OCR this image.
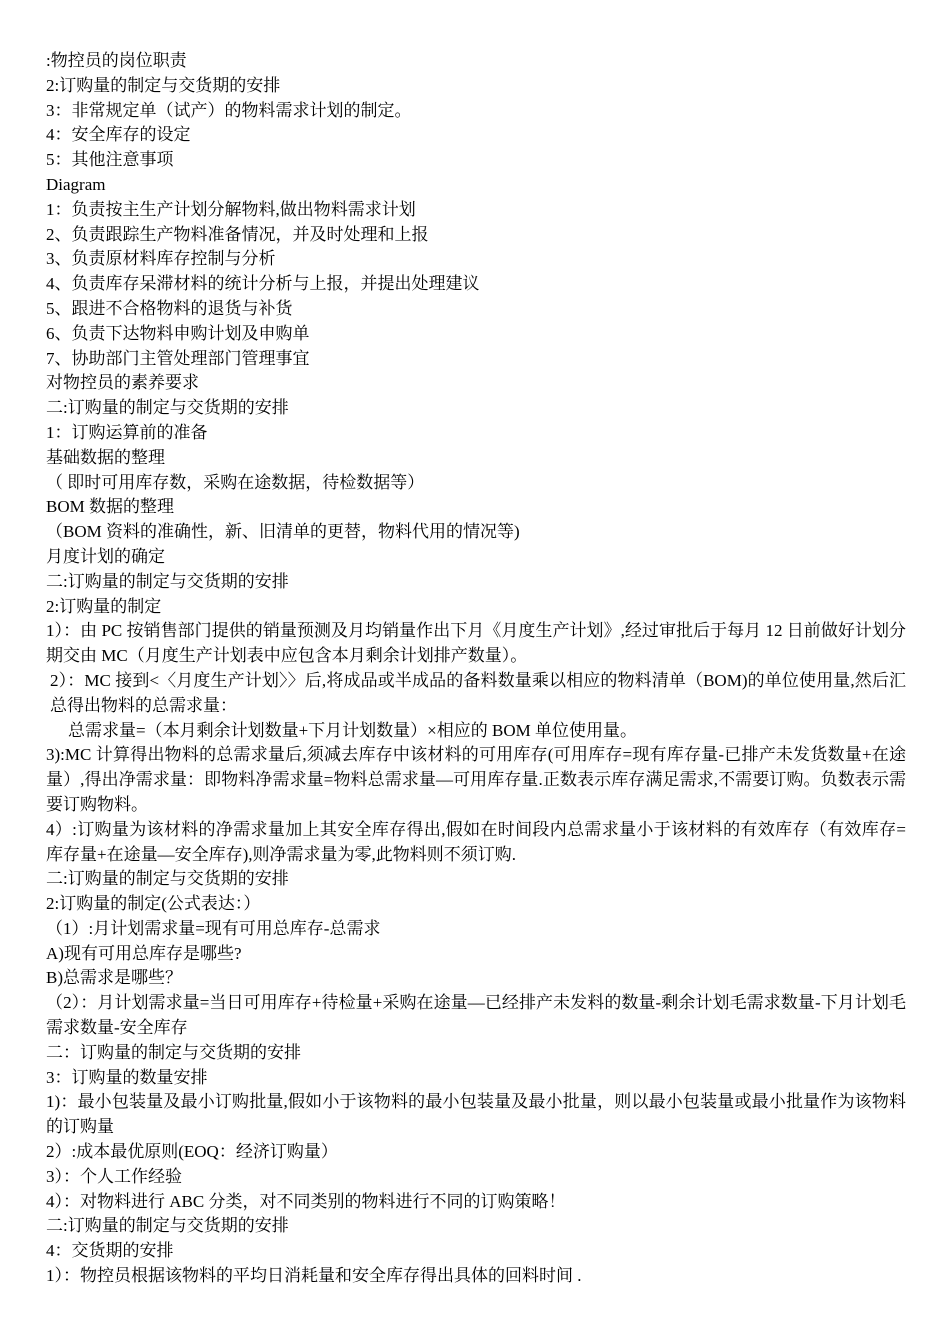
:物控员的岗位职责

2:订购量的制定与交货期的安排

3：非常规定单（试产）的物料需求计划的制定。

4：安全库存的设定

5：其他注意事项

Diagram

1：负责按主生产计划分解物料,做出物料需求计划

2、负责跟踪生产物料准备情况，并及时处理和上报

3、负责原材料库存控制与分析

4、负责库存呆滞材料的统计分析与上报，并提出处理建议

5、跟进不合格物料的退货与补货

6、负责下达物料申购计划及申购单

7、协助部门主管处理部门管理事宜

对物控员的素养要求

二:订购量的制定与交货期的安排

1：订购运算前的准备

基础数据的整理

（ 即时可用库存数，采购在途数据，待检数据等）

BOM 数据的整理

（BOM 资料的准确性，新、旧清单的更替，物料代用的情况等)

月度计划的确定

二:订购量的制定与交货期的安排

2:订购量的制定

1）：由 PC 按销售部门提供的销量预测及月均销量作出下月《月度生产计划》,经过审批后于每月 12 日前做好计划分期交由 MC（月度生产计划表中应包含本月剩余计划排产数量）。

2）：MC 接到<〈月度生产计划〉〉后,将成品或半成品的备料数量乘以相应的物料清单（BOM)的单位使用量,然后汇总得出物料的总需求量：

总需求量=（本月剩余计划数量+下月计划数量）×相应的 BOM 单位使用量。

3):MC 计算得出物料的总需求量后,须减去库存中该材料的可用库存(可用库存=现有库存量-已排产未发货数量+在途量）,得出净需求量：即物料净需求量=物料总需求量—可用库存量.正数表示库存满足需求,不需要订购。负数表示需要订购物料。

4）:订购量为该材料的净需求量加上其安全库存得出,假如在时间段内总需求量小于该材料的有效库存（有效库存=库存量+在途量—安全库存),则净需求量为零,此物料则不须订购.

二:订购量的制定与交货期的安排

2:订购量的制定(公式表达：）

（1）:月计划需求量=现有可用总库存-总需求

A)现有可用总库存是哪些?

B)总需求是哪些？

（2）：月计划需求量=当日可用库存+待检量+采购在途量—已经排产未发料的数量-剩余计划毛需求数量-下月计划毛需求数量-安全库存

二：订购量的制定与交货期的安排

3：订购量的数量安排

1)：最小包装量及最小订购批量,假如小于该物料的最小包装量及最小批量，则以最小包装量或最小批量作为该物料的订购量

2）:成本最优原则(EOQ：经济订购量）

3）：个人工作经验

4）：对物料进行 ABC 分类，对不同类别的物料进行不同的订购策略！

二:订购量的制定与交货期的安排

4：交货期的安排

1）：物控员根据该物料的平均日消耗量和安全库存得出具体的回料时间 .
